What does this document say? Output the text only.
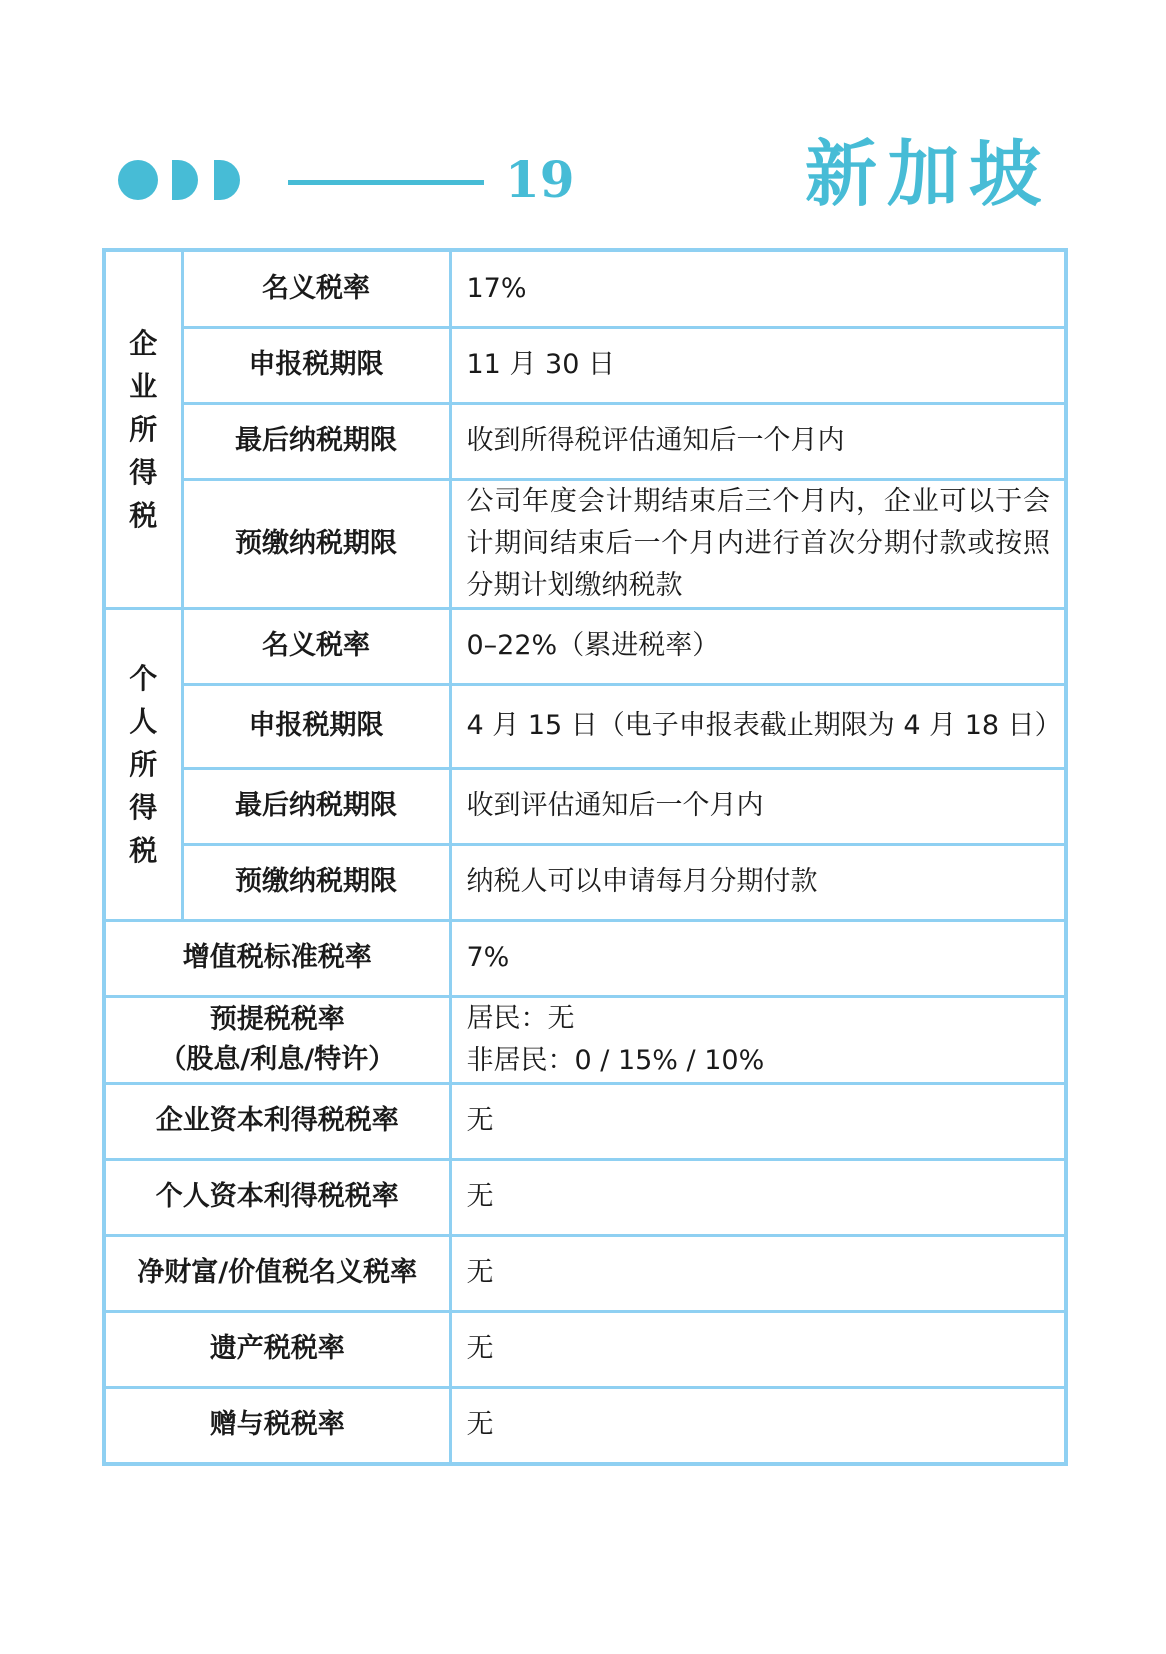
19	新加坡
企
业
所
得
税	名义税率	17%
	申报税期限	11 月 30 日
	最后纳税期限	收到所得税评估通知后一个月内
	预缴纳税期限	公司年度会计期结束后三个月内，企业可以于会计期间结束后一个月内进行首次分期付款或按照分期计划缴纳税款

个
人
所
得
税	名义税率	0–22%（累进税率）
	申报税期限	4 月 15 日（电子申报表截止期限为 4 月 18 日）
	最后纳税期限	收到评估通知后一个月内
	预缴纳税期限	纳税人可以申请每月分期付款
增值税标准税率		7%

预提税税率
（股息/利息/特许）		居民：无
非居民：0 / 15% / 10%

企业资本利得税税率		无
个人资本利得税税率		无
净财富/价值税名义税率		无
遗产税税率		无
赠与税税率		无
